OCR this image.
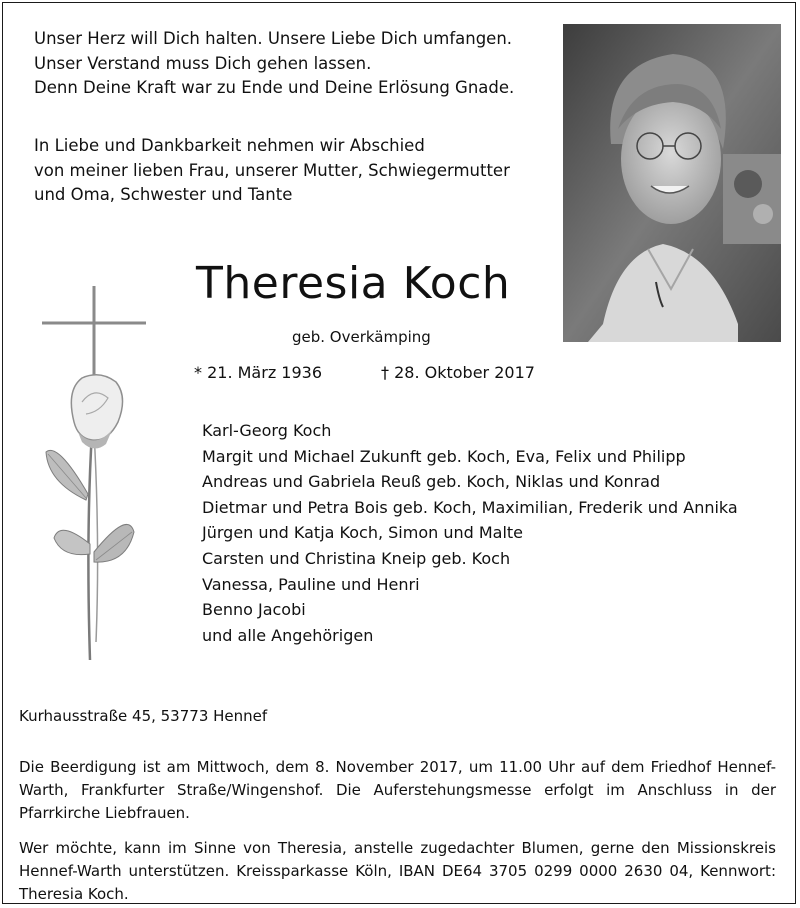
Unser Herz will Dich halten. Unsere Liebe Dich umfangen.
Unser Verstand muss Dich gehen lassen.
Denn Deine Kraft war zu Ende und Deine Erlösung Gnade.
In Liebe und Dankbarkeit nehmen wir Abschied
von meiner lieben Frau, unserer Mutter, Schwiegermutter
und Oma, Schwester und Tante
Theresia Koch
geb. Overkämping
* 21. März 1936	† 28. Oktober 2017
Karl-Georg Koch
Margit und Michael Zukunft geb. Koch, Eva, Felix und Philipp
Andreas und Gabriela Reuß geb. Koch, Niklas und Konrad
Dietmar und Petra Bois geb. Koch, Maximilian, Frederik und Annika
Jürgen und Katja Koch, Simon und Malte
Carsten und Christina Kneip geb. Koch
Vanessa, Pauline und Henri
Benno Jacobi
und alle Angehörigen
Kurhausstraße 45, 53773 Hennef

Die Beerdigung ist am Mittwoch, dem 8. November 2017, um 11.00 Uhr auf dem Friedhof Hennef-Warth, Frankfurter Straße/Wingenshof. Die Auferstehungsmesse erfolgt im Anschluss in der Pfarrkirche Liebfrauen.

Wer möchte, kann im Sinne von Theresia, anstelle zugedachter Blumen, gerne den Missionskreis Hennef-Warth unterstützen. Kreissparkasse Köln, IBAN DE64 3705 0299 0000 2630 04, Kennwort: Theresia Koch.
